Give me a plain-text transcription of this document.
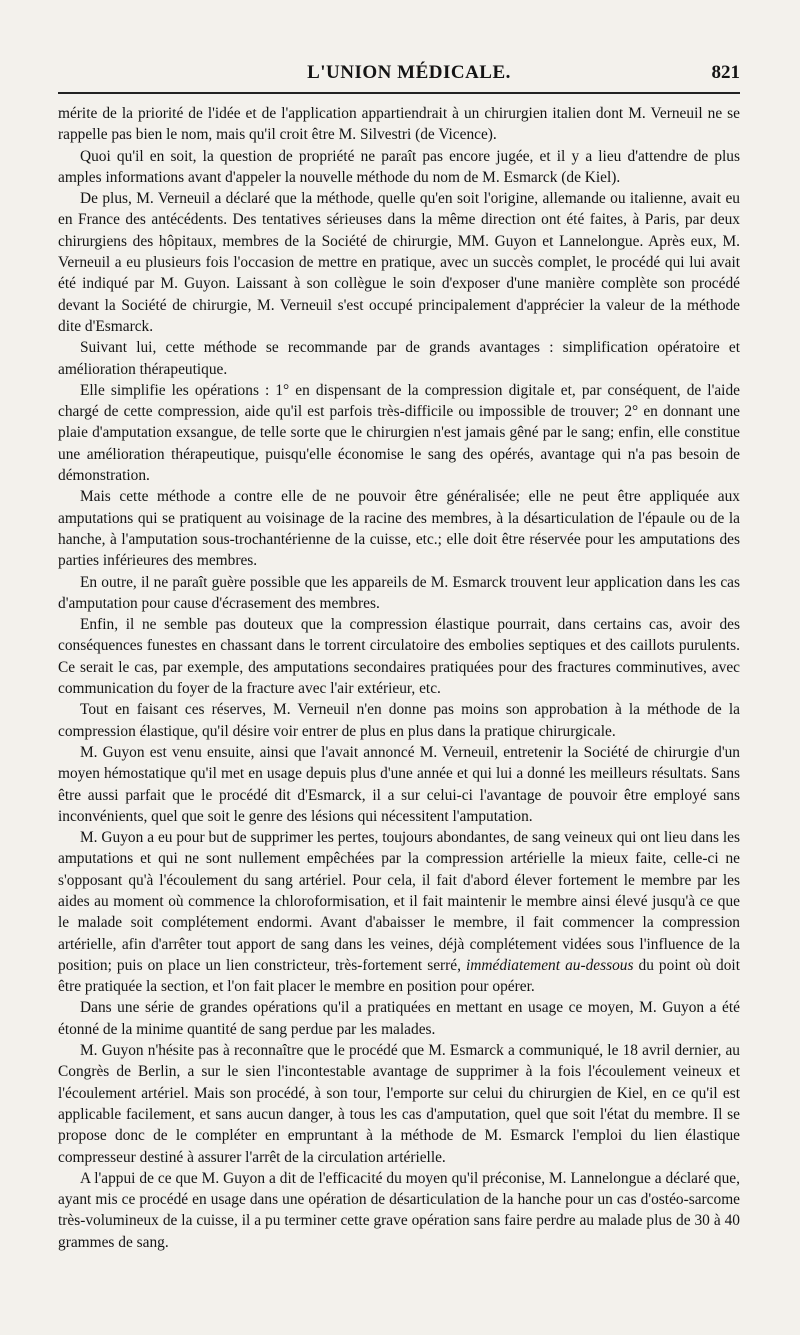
L'UNION MÉDICALE.	821

mérite de la priorité de l'idée et de l'application appartiendrait à un chirurgien italien dont M. Verneuil ne se rappelle pas bien le nom, mais qu'il croit être M. Silvestri (de Vicence).

Quoi qu'il en soit, la question de propriété ne paraît pas encore jugée, et il y a lieu d'attendre de plus amples informations avant d'appeler la nouvelle méthode du nom de M. Esmarck (de Kiel).

De plus, M. Verneuil a déclaré que la méthode, quelle qu'en soit l'origine, allemande ou italienne, avait eu en France des antécédents. Des tentatives sérieuses dans la même direction ont été faites, à Paris, par deux chirurgiens des hôpitaux, membres de la Société de chirurgie, MM. Guyon et Lannelongue. Après eux, M. Verneuil a eu plusieurs fois l'occasion de mettre en pratique, avec un succès complet, le procédé qui lui avait été indiqué par M. Guyon. Laissant à son collègue le soin d'exposer d'une manière complète son procédé devant la Société de chirurgie, M. Verneuil s'est occupé principalement d'apprécier la valeur de la méthode dite d'Esmarck.

Suivant lui, cette méthode se recommande par de grands avantages : simplification opératoire et amélioration thérapeutique.

Elle simplifie les opérations : 1° en dispensant de la compression digitale et, par conséquent, de l'aide chargé de cette compression, aide qu'il est parfois très-difficile ou impossible de trouver; 2° en donnant une plaie d'amputation exsangue, de telle sorte que le chirurgien n'est jamais gêné par le sang; enfin, elle constitue une amélioration thérapeutique, puisqu'elle économise le sang des opérés, avantage qui n'a pas besoin de démonstration.

Mais cette méthode a contre elle de ne pouvoir être généralisée; elle ne peut être appliquée aux amputations qui se pratiquent au voisinage de la racine des membres, à la désarticulation de l'épaule ou de la hanche, à l'amputation sous-trochantérienne de la cuisse, etc.; elle doit être réservée pour les amputations des parties inférieures des membres.

En outre, il ne paraît guère possible que les appareils de M. Esmarck trouvent leur application dans les cas d'amputation pour cause d'écrasement des membres.

Enfin, il ne semble pas douteux que la compression élastique pourrait, dans certains cas, avoir des conséquences funestes en chassant dans le torrent circulatoire des embolies septiques et des caillots purulents. Ce serait le cas, par exemple, des amputations secondaires pratiquées pour des fractures comminutives, avec communication du foyer de la fracture avec l'air extérieur, etc.

Tout en faisant ces réserves, M. Verneuil n'en donne pas moins son approbation à la méthode de la compression élastique, qu'il désire voir entrer de plus en plus dans la pratique chirurgicale.

M. Guyon est venu ensuite, ainsi que l'avait annoncé M. Verneuil, entretenir la Société de chirurgie d'un moyen hémostatique qu'il met en usage depuis plus d'une année et qui lui a donné les meilleurs résultats. Sans être aussi parfait que le procédé dit d'Esmarck, il a sur celui-ci l'avantage de pouvoir être employé sans inconvénients, quel que soit le genre des lésions qui nécessitent l'amputation.

M. Guyon a eu pour but de supprimer les pertes, toujours abondantes, de sang veineux qui ont lieu dans les amputations et qui ne sont nullement empêchées par la compression artérielle la mieux faite, celle-ci ne s'opposant qu'à l'écoulement du sang artériel. Pour cela, il fait d'abord élever fortement le membre par les aides au moment où commence la chloroformisation, et il fait maintenir le membre ainsi élevé jusqu'à ce que le malade soit complétement endormi. Avant d'abaisser le membre, il fait commencer la compression artérielle, afin d'arrêter tout apport de sang dans les veines, déjà complétement vidées sous l'influence de la position; puis on place un lien constricteur, très-fortement serré, immédiatement au-dessous du point où doit être pratiquée la section, et l'on fait placer le membre en position pour opérer.

Dans une série de grandes opérations qu'il a pratiquées en mettant en usage ce moyen, M. Guyon a été étonné de la minime quantité de sang perdue par les malades.

M. Guyon n'hésite pas à reconnaître que le procédé que M. Esmarck a communiqué, le 18 avril dernier, au Congrès de Berlin, a sur le sien l'incontestable avantage de supprimer à la fois l'écoulement veineux et l'écoulement artériel. Mais son procédé, à son tour, l'emporte sur celui du chirurgien de Kiel, en ce qu'il est applicable facilement, et sans aucun danger, à tous les cas d'amputation, quel que soit l'état du membre. Il se propose donc de le compléter en empruntant à la méthode de M. Esmarck l'emploi du lien élastique compresseur destiné à assurer l'arrêt de la circulation artérielle.

A l'appui de ce que M. Guyon a dit de l'efficacité du moyen qu'il préconise, M. Lannelongue a déclaré que, ayant mis ce procédé en usage dans une opération de désarticulation de la hanche pour un cas d'ostéo-sarcome très-volumineux de la cuisse, il a pu terminer cette grave opération sans faire perdre au malade plus de 30 à 40 grammes de sang.
